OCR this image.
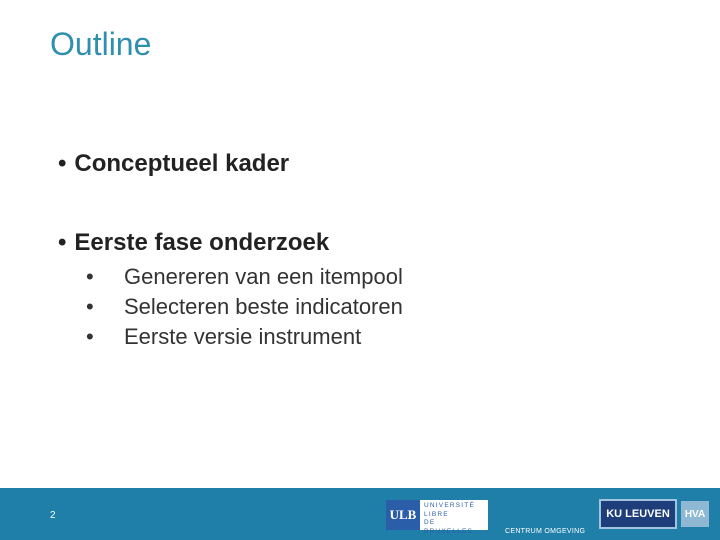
Outline
• Conceptueel kader
• Eerste fase onderzoek
• Genereren van een itempool
• Selecteren beste indicatoren
• Eerste versie instrument
2	ULB
UNIVERSITÉ
LIBRE
DE BRUXELLES	CENTRUM OMGEVING
KU LEUVEN	HVA
